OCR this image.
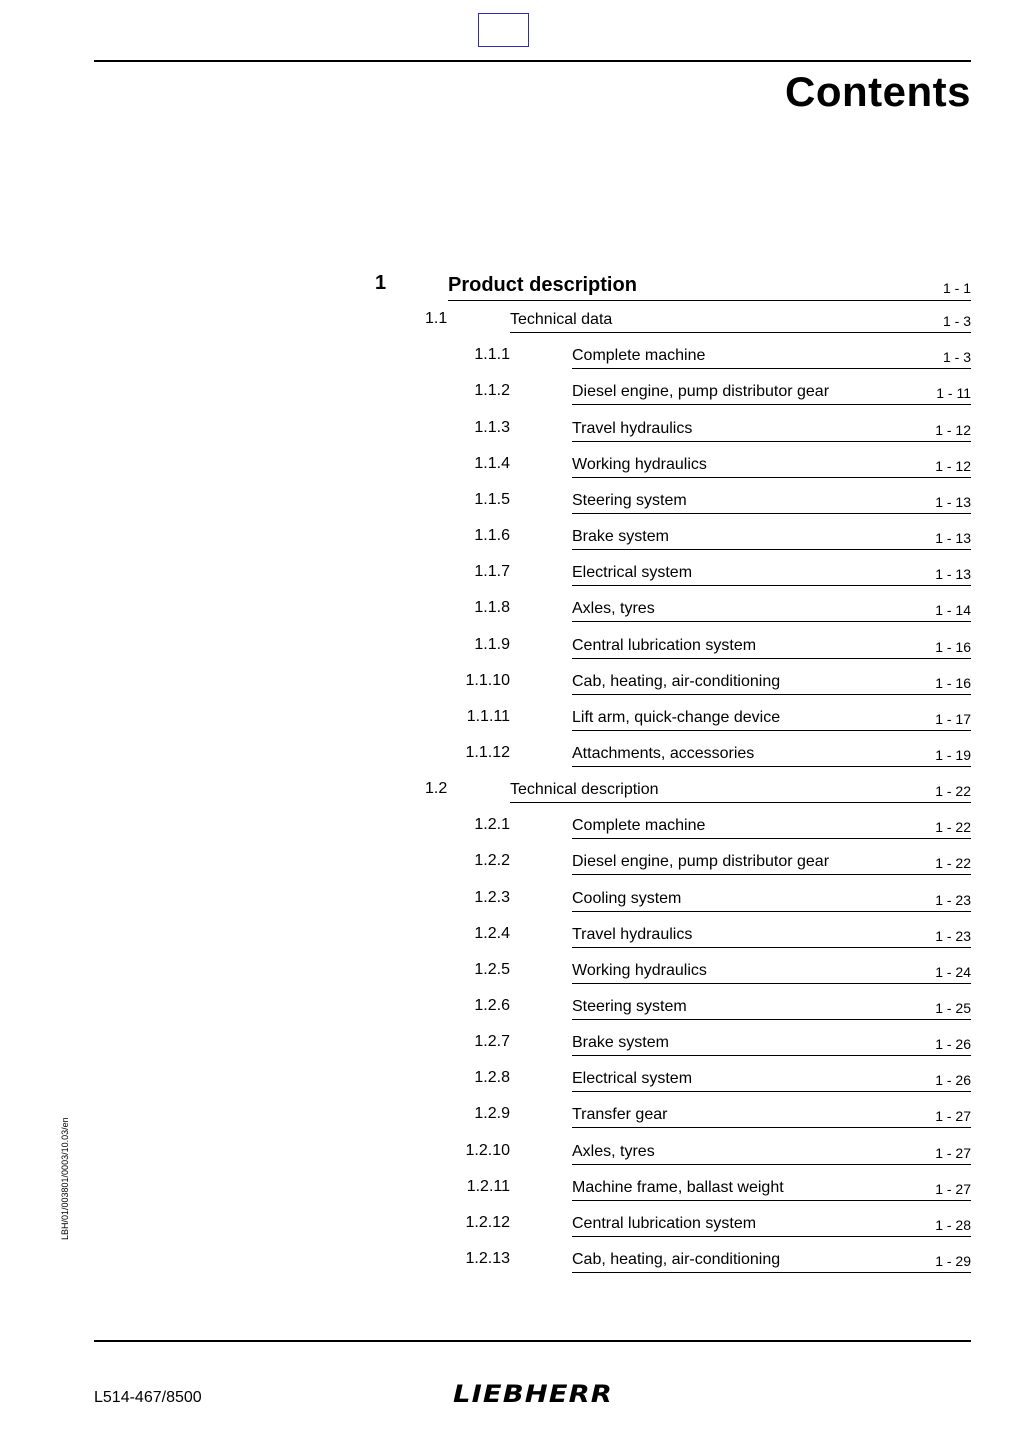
Contents
1	Product description	1 - 1
1.1	Technical data	1 - 3
1.1.1	Complete machine	1 - 3
1.1.2	Diesel engine, pump distributor gear	1 - 11
1.1.3	Travel hydraulics	1 - 12
1.1.4	Working hydraulics	1 - 12
1.1.5	Steering system	1 - 13
1.1.6	Brake system	1 - 13
1.1.7	Electrical system	1 - 13
1.1.8	Axles, tyres	1 - 14
1.1.9	Central lubrication system	1 - 16
1.1.10	Cab, heating, air-conditioning	1 - 16
1.1.11	Lift arm, quick-change device	1 - 17
1.1.12	Attachments, accessories	1 - 19
1.2	Technical description	1 - 22
1.2.1	Complete machine	1 - 22
1.2.2	Diesel engine, pump distributor gear	1 - 22
1.2.3	Cooling system	1 - 23
1.2.4	Travel hydraulics	1 - 23
1.2.5	Working hydraulics	1 - 24
1.2.6	Steering system	1 - 25
1.2.7	Brake system	1 - 26
1.2.8	Electrical system	1 - 26
1.2.9	Transfer gear	1 - 27
1.2.10	Axles, tyres	1 - 27
1.2.11	Machine frame, ballast weight	1 - 27
1.2.12	Central lubrication system	1 - 28
1.2.13	Cab, heating, air-conditioning	1 - 29
LBH/01/003801/0003/10.03/en
L514-467/8500	LIEBHERR
